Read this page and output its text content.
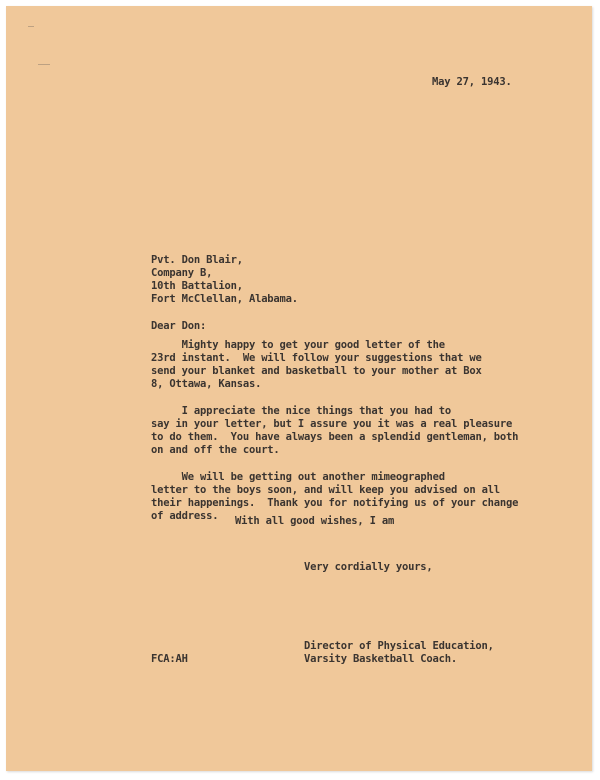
May 27, 1943.
Pvt. Don Blair,
Company B,
10th Battalion,
Fort McClellan, Alabama.
Dear Don:
Mighty happy to get your good letter of the
23rd instant.  We will follow your suggestions that we
send your blanket and basketball to your mother at Box
8, Ottawa, Kansas.
I appreciate the nice things that you had to
say in your letter, but I assure you it was a real pleasure
to do them.  You have always been a splendid gentleman, both
on and off the court.
We will be getting out another mimeographed
letter to the boys soon, and will keep you advised on all
their happenings.  Thank you for notifying us of your change
of address. With all good wishes, I am
Very cordially yours,
Director of Physical Education,
Varsity Basketball Coach.
FCA:AH
